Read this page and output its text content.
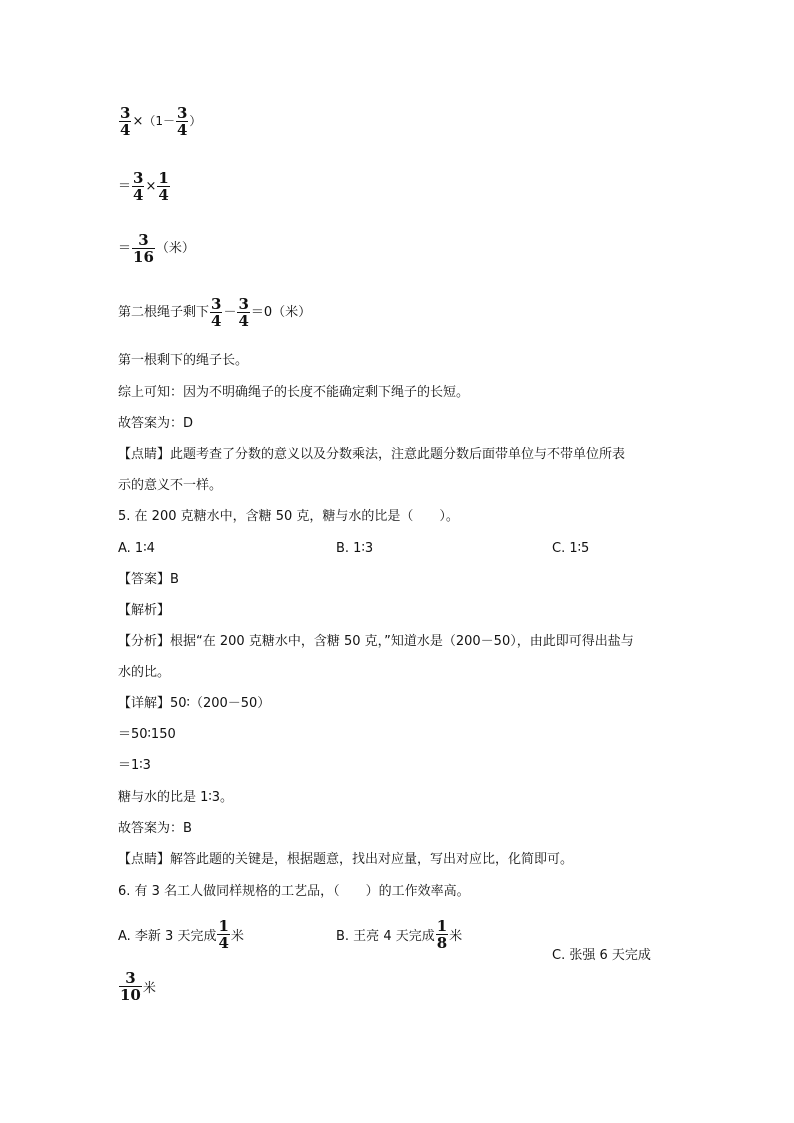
$\frac{3}{4} \times(1- \frac{3}{4}$ ）
＝ $\frac{3}{4} \times \frac{1}{4}$
＝ $\frac{3}{16}$ （米）
第二根绳子剩下 $\frac{3}{4} - \frac{3}{4} =0$（米）
第一根剩下的绳子长。
综上可知：因为不明确绳子的长度不能确定剩下绳子的长短。
故答案为：D
【点睛】此题考查了分数的意义以及分数乘法，注意此题分数后面带单位与不带单位所表
示的意义不一样。
5. 在 200 克糖水中，含糖 50 克，糖与水的比是（　　）。
A. 1∶4	B. 1∶3	C. 1∶5
【答案】B
【解析】
【分析】根据“在 200 克糖水中，含糖 50 克，”知道水是（200－50），由此即可得出盐与
水的比。
【详解】50∶（200－50）
＝50∶150
＝1∶3
糖与水的比是 1∶3。
故答案为：B
【点睛】解答此题的关键是，根据题意，找出对应量，写出对应比，化简即可。
6. 有 3 名工人做同样规格的工艺品，（　　）的工作效率高。
A. 李新 3 天完成 $\frac{1}{4}$ 米	B. 王亮 4 天完成 $\frac{1}{8}$ 米
C. 张强 6 天完成
$\frac{3}{10}$ 米
